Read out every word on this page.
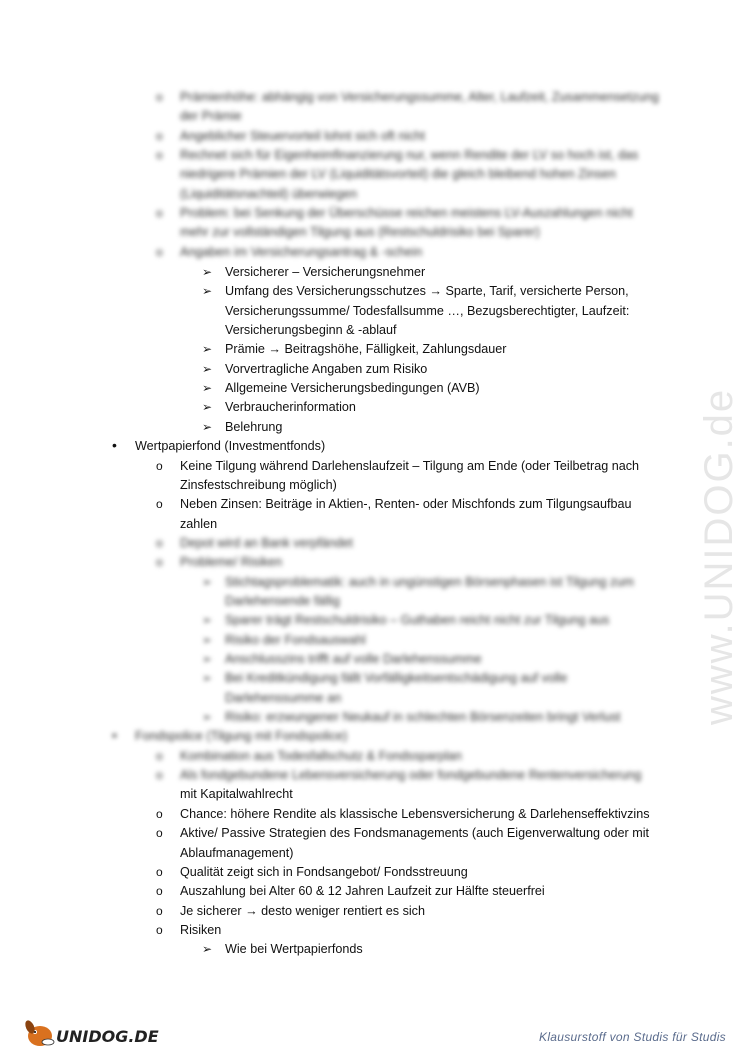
o Prämienhöhe: abhängig von Versicherungssumme, Alter, Laufzeit, Zusammensetzung
der Prämie
o Angeblicher Steuervorteil lohnt sich oft nicht
o Rechnet sich für Eigenheimfinanzierung nur, wenn Rendite der LV so hoch ist, das
niedrigere Prämien der LV (Liquiditätsvorteil) die gleich bleibend hohen Zinsen
(Liquiditätsnachteil) überwiegen
o Problem: bei Senkung der Überschüsse reichen meistens LV-Auszahlungen nicht
mehr zur vollständigen Tilgung aus (Restschuldrisiko bei Sparer)
o Angaben im Versicherungsantrag & -schein
➢ Versicherer – Versicherungsnehmer
➢ Umfang des Versicherungsschutzes → Sparte, Tarif, versicherte Person,
Versicherungssumme/ Todesfallsumme …, Bezugsberechtigter, Laufzeit:
Versicherungsbeginn & -ablauf
➢ Prämie → Beitragshöhe, Fälligkeit, Zahlungsdauer
➢ Vorvertragliche Angaben zum Risiko
➢ Allgemeine Versicherungsbedingungen (AVB)
➢ Verbraucherinformation
➢ Belehrung
• Wertpapierfond (Investmentfonds)
o Keine Tilgung während Darlehenslaufzeit – Tilgung am Ende (oder Teilbetrag nach
Zinsfestschreibung möglich)
o Neben Zinsen: Beiträge in Aktien-, Renten- oder Mischfonds zum Tilgungsaufbau
zahlen
o Depot wird an Bank verpfändet
o Probleme/ Risiken
➢ Stichtagsproblematik: auch in ungünstigen Börsenphasen ist Tilgung zum
Darlehensende fällig
➢ Sparer trägt Restschuldrisiko – Guthaben reicht nicht zur Tilgung aus
➢ Risiko der Fondsauswahl
➢ Anschlusszins trifft auf volle Darlehenssumme
➢ Bei Kreditkündigung fällt Vorfälligkeitsentschädigung auf volle
Darlehenssumme an
➢ Risiko: erzwungener Neukauf in schlechten Börsenzeiten bringt Verlust
• Fondspolice (Tilgung mit Fondspolice)
o Kombination aus Todesfallschutz & Fondssparplan
o Als fondgebundene Lebensversicherung oder fondgebundene Rentenversicherung
mit Kapitalwahlrecht
o Chance: höhere Rendite als klassische Lebensversicherung & Darlehenseffektivzins
o Aktive/ Passive Strategien des Fondsmanagements (auch Eigenverwaltung oder mit
Ablaufmanagement)
o Qualität zeigt sich in Fondsangebot/ Fondsstreuung
o Auszahlung bei Alter 60 & 12 Jahren Laufzeit zur Hälfte steuerfrei
o Je sicherer → desto weniger rentiert es sich
o Risiken
➢ Wie bei Wertpapierfonds
www.UNIDOG.de
UNIDOG.DE	Klausurstoff von Studis für Studis
